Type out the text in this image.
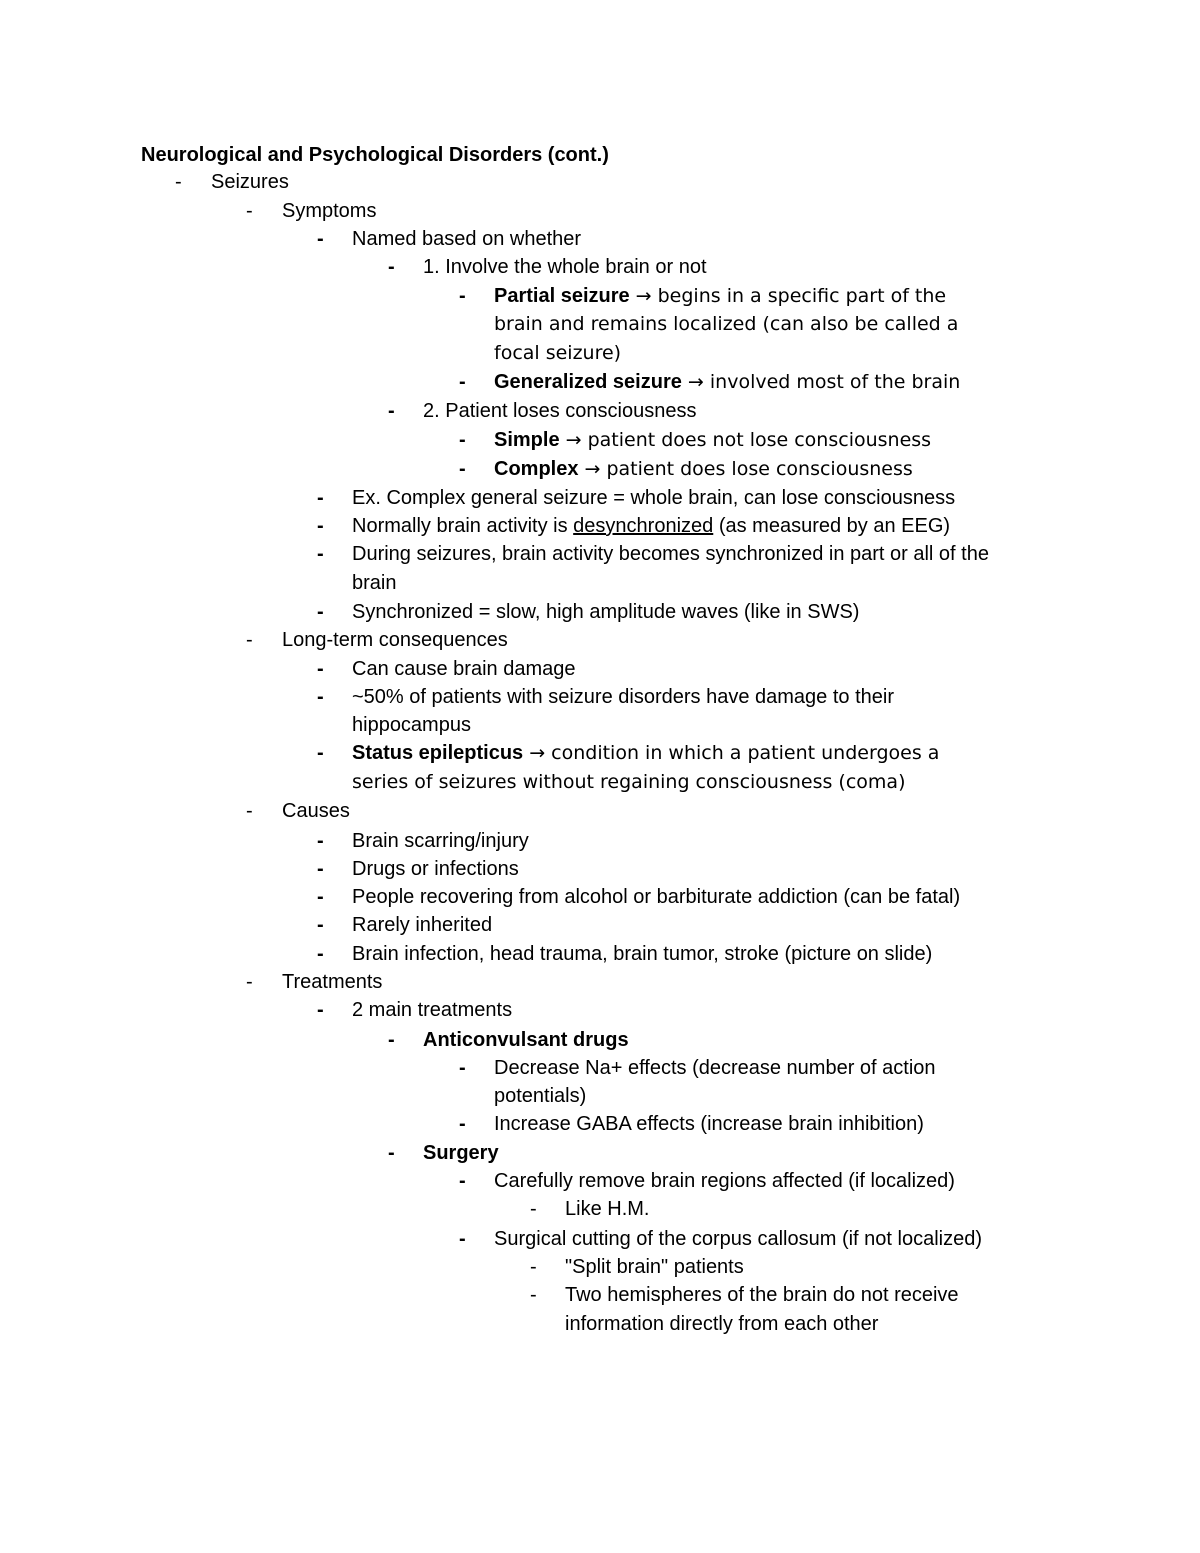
Neurological and Psychological Disorders (cont.)
- Seizures
- Symptoms
- Named based on whether
- 1. Involve the whole brain or not
- Partial seizure → begins in a specific part of the
brain and remains localized (can also be called a
focal seizure)
- Generalized seizure → involved most of the brain
- 2. Patient loses consciousness
- Simple → patient does not lose consciousness
- Complex → patient does lose consciousness
- Ex. Complex general seizure = whole brain, can lose consciousness
- Normally brain activity is desynchronized (as measured by an EEG)
- During seizures, brain activity becomes synchronized in part or all of the
brain
- Synchronized = slow, high amplitude waves (like in SWS)
- Long-term consequences
- Can cause brain damage
- ~50% of patients with seizure disorders have damage to their
hippocampus
- Status epilepticus → condition in which a patient undergoes a
series of seizures without regaining consciousness (coma)
- Causes
- Brain scarring/injury
- Drugs or infections
- People recovering from alcohol or barbiturate addiction (can be fatal)
- Rarely inherited
- Brain infection, head trauma, brain tumor, stroke (picture on slide)
- Treatments
- 2 main treatments
- Anticonvulsant drugs
- Decrease Na+ effects (decrease number of action
potentials)
- Increase GABA effects (increase brain inhibition)
- Surgery
- Carefully remove brain regions affected (if localized)
- Like H.M.
- Surgical cutting of the corpus callosum (if not localized)
- "Split brain" patients
- Two hemispheres of the brain do not receive
information directly from each other
